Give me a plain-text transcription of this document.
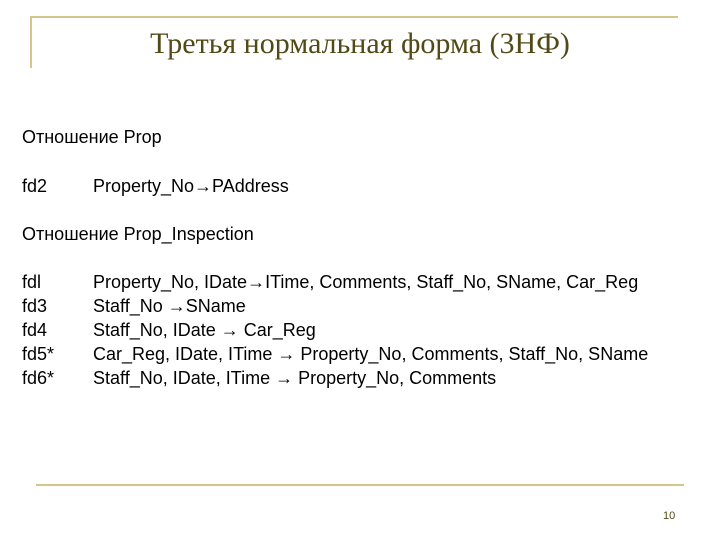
Третья нормальная форма (3НФ)
Отношение Prop
fd2	Property_No→PAddress
Отношение Prop_Inspection
fdl	Property_No, IDate→ITime, Comments, Staff_No, SName, Car_Reg
fd3	Staff_No →SName
fd4	Staff_No, IDate → Car_Reg
fd5* Car_Reg, IDate, ITime → Property_No, Comments, Staff_No, SName
fd6* Staff_No, IDate, ITime → Property_No, Comments
10
